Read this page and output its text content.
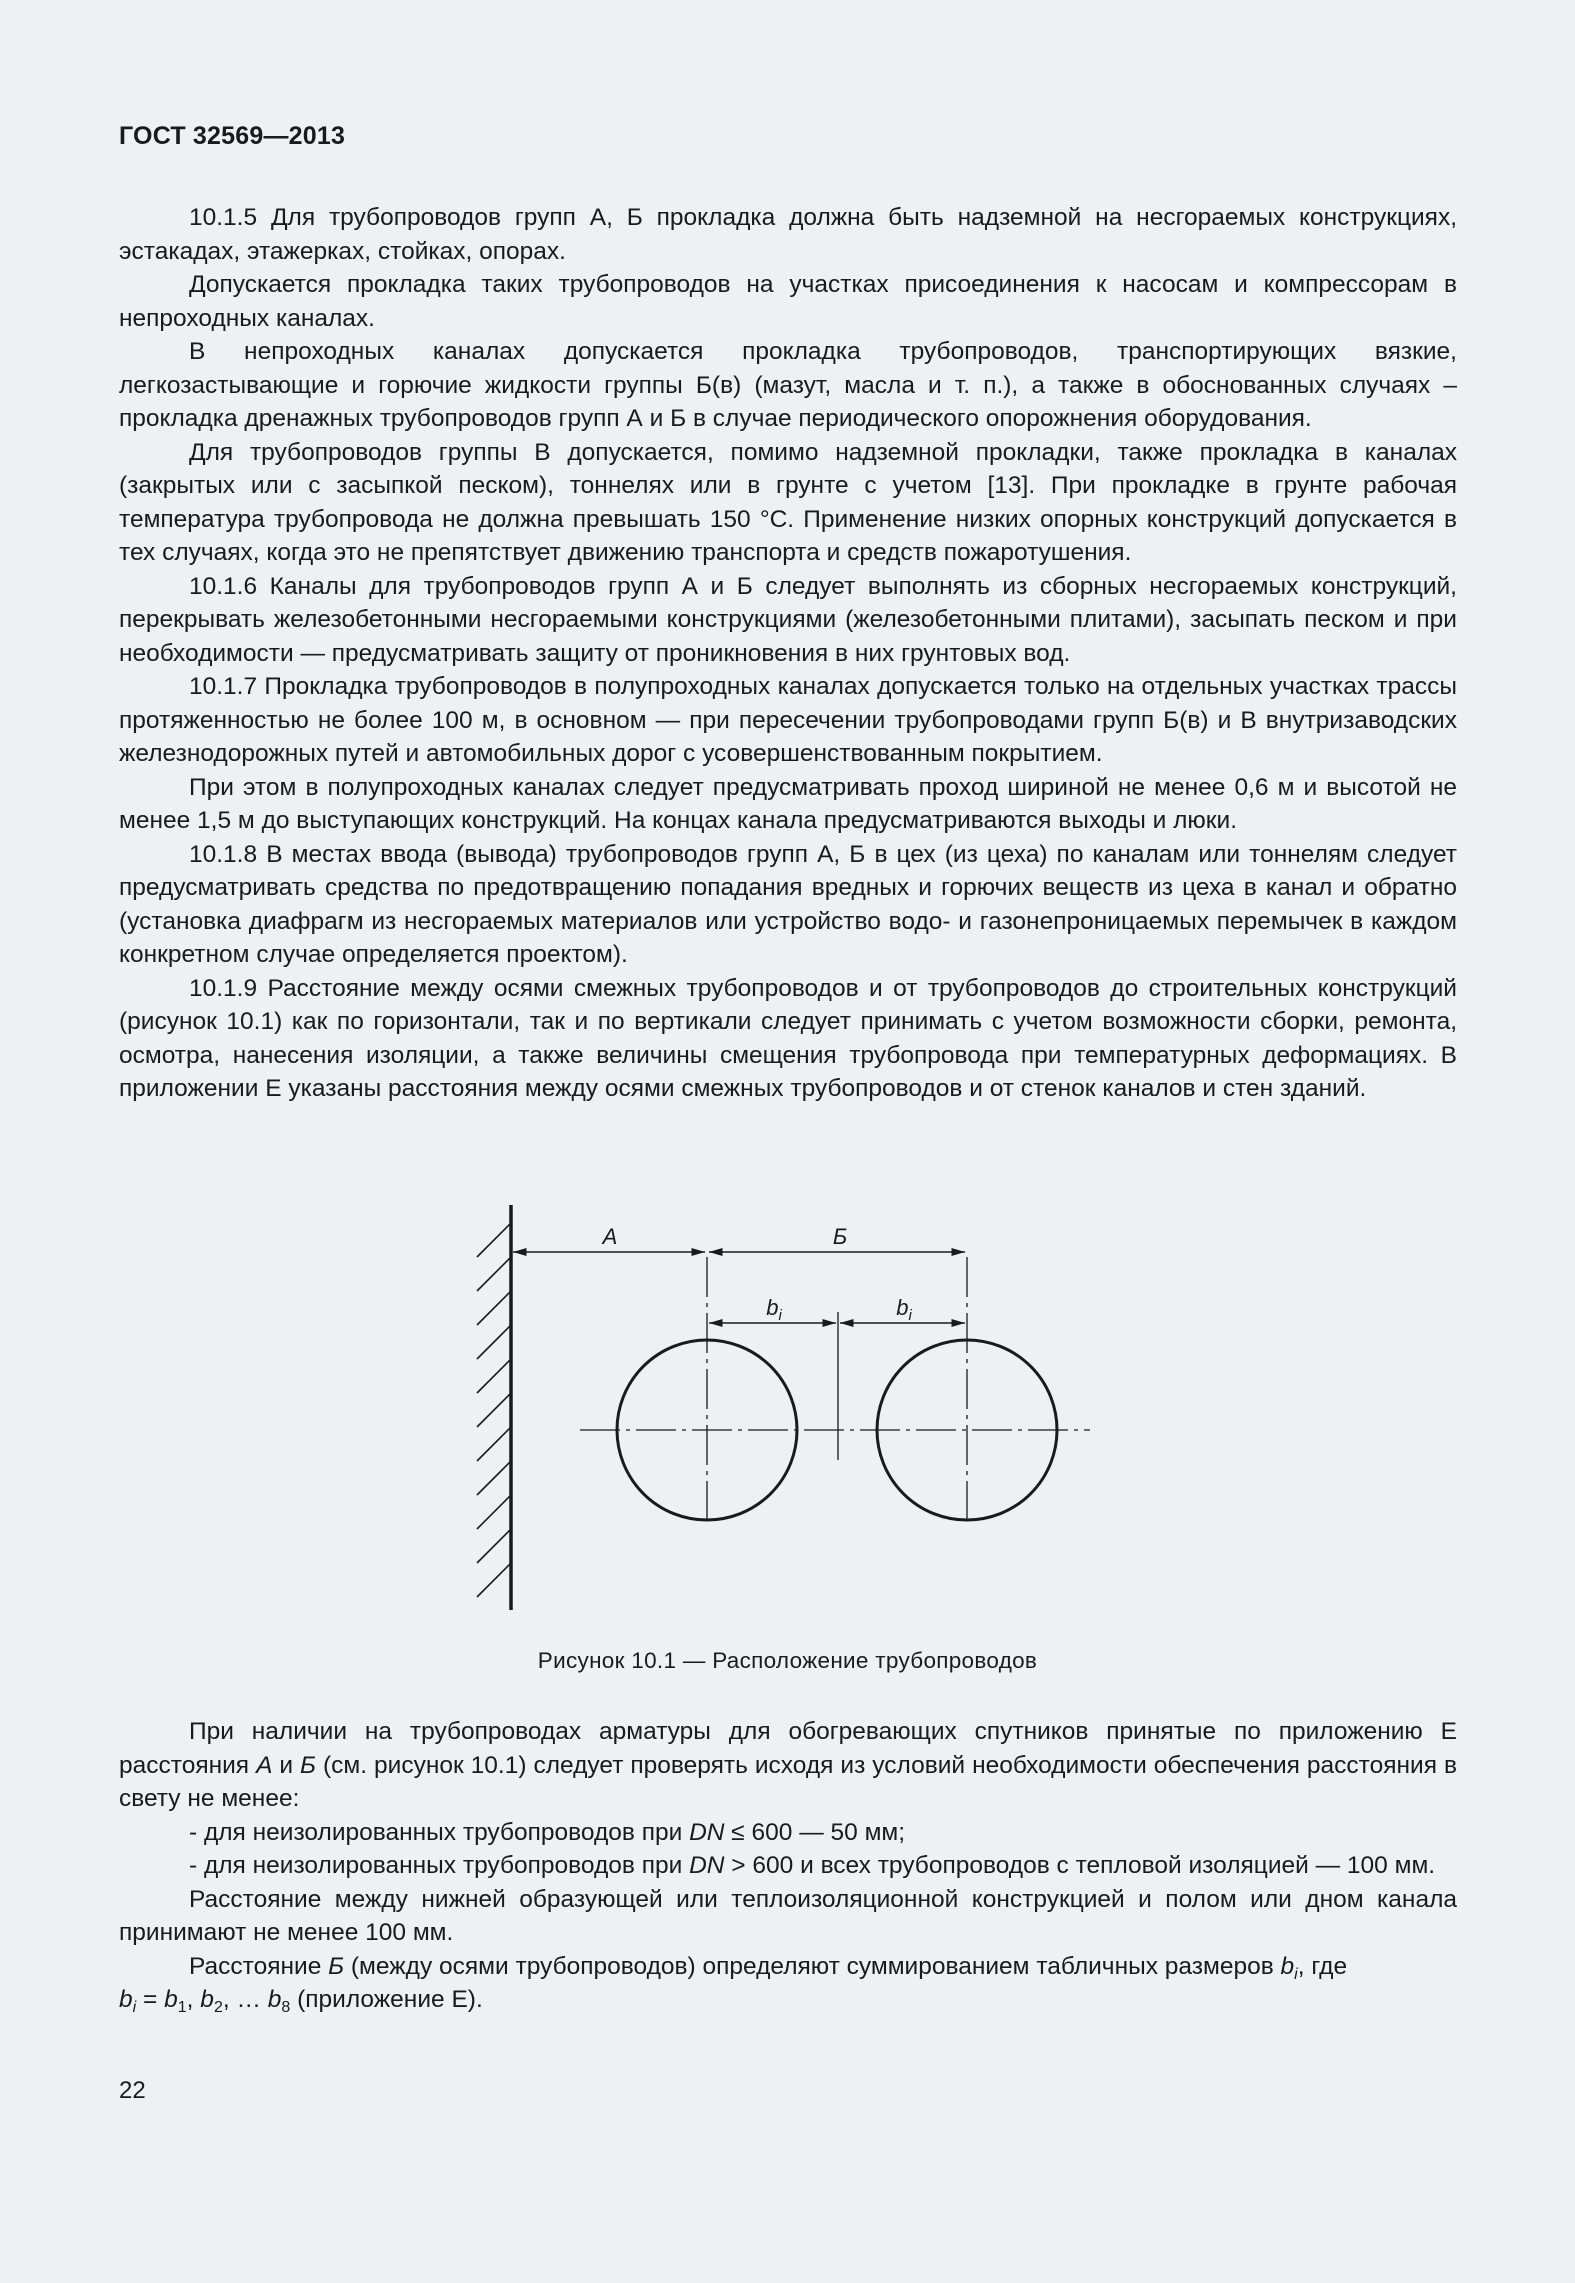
ГОСТ 32569—2013

10.1.5 Для трубопроводов групп А, Б прокладка должна быть надземной на несгораемых конструкциях, эстакадах, этажерках, стойках, опорах.

Допускается прокладка таких трубопроводов на участках присоединения к насосам и компрессорам в непроходных каналах.

В непроходных каналах допускается прокладка трубопроводов, транспортирующих вязкие, легкозастывающие и горючие жидкости группы Б(в) (мазут, масла и т. п.), а также в обоснованных случаях – прокладка дренажных трубопроводов групп А и Б в случае периодического опорожнения оборудования.

Для трубопроводов группы В допускается, помимо надземной прокладки, также прокладка в каналах (закрытых или с засыпкой песком), тоннелях или в грунте с учетом [13]. При прокладке в грунте рабочая температура трубопровода не должна превышать 150 °С. Применение низких опорных конструкций допускается в тех случаях, когда это не препятствует движению транспорта и средств пожаротушения.

10.1.6 Каналы для трубопроводов групп А и Б следует выполнять из сборных несгораемых конструкций, перекрывать железобетонными несгораемыми конструкциями (железобетонными плитами), засыпать песком и при необходимости — предусматривать защиту от проникновения в них грунтовых вод.

10.1.7 Прокладка трубопроводов в полупроходных каналах допускается только на отдельных участках трассы протяженностью не более 100 м, в основном — при пересечении трубопроводами групп Б(в) и В внутризаводских железнодорожных путей и автомобильных дорог с усовершенствованным покрытием.

При этом в полупроходных каналах следует предусматривать проход шириной не менее 0,6 м и высотой не менее 1,5 м до выступающих конструкций. На концах канала предусматриваются выходы и люки.

10.1.8 В местах ввода (вывода) трубопроводов групп А, Б в цех (из цеха) по каналам или тоннелям следует предусматривать средства по предотвращению попадания вредных и горючих веществ из цеха в канал и обратно (установка диафрагм из несгораемых материалов или устройство водо- и газонепроницаемых перемычек в каждом конкретном случае определяется проектом).

10.1.9 Расстояние между осями смежных трубопроводов и от трубопроводов до строительных конструкций (рисунок 10.1) как по горизонтали, так и по вертикали следует принимать с учетом возможности сборки, ремонта, осмотра, нанесения изоляции, а также величины смещения трубопровода при температурных деформациях. В приложении Е указаны расстояния между осями смежных трубопроводов и от стенок каналов и стен зданий.

А	Б
$b_i$	$b_i$
Рисунок 10.1 — Расположение трубопроводов

При наличии на трубопроводах арматуры для обогревающих спутников принятые по приложению Е расстояния А и Б (см. рисунок 10.1) следует проверять исходя из условий необходимости обеспечения расстояния в свету не менее:

- для неизолированных трубопроводов при DN ≤ 600 — 50 мм;

- для неизолированных трубопроводов при DN > 600 и всех трубопроводов с тепловой изоляцией — 100 мм.

Расстояние между нижней образующей или теплоизоляционной конструкцией и полом или дном канала принимают не менее 100 мм.

Расстояние Б (между осями трубопроводов) определяют суммированием табличных размеров $b_i$, где

$b_i = b_1$, $b_2$, … $b_8$ (приложение Е).

22
